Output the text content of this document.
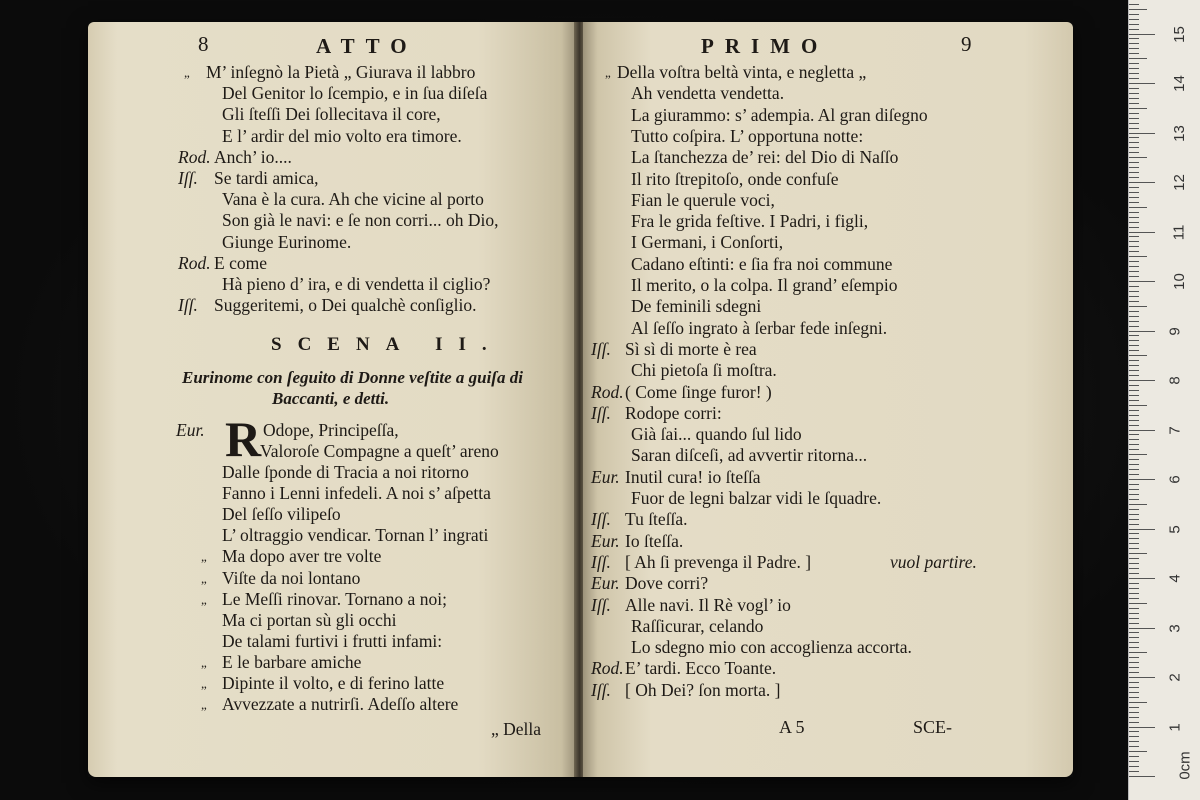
8	ATTO
„ M’ inſegnò la Pietà „ Giurava il labbro
Del Genitor lo ſcempio, e in ſua diſeſa
Gli ſteſſi Dei ſollecitava il core,
E l’ ardir del mio volto era timore.
Rod. Anch’ io....
Iſſ. Se tardi amica,
Vana è la cura. Ah che vicine al porto
Son già le navi: e ſe non corri... oh Dio,
Giunge Eurinome.
Rod. E come
Hà pieno d’ ira, e di vendetta il ciglio?
Iſſ. Suggeritemi, o Dei qualchè conſiglio.
SCENA II.
Eurinome con ſeguito di Donne veſtite a guiſa di
Baccanti, e detti.
Eur. R Odope, Principeſſa,
Valoroſe Compagne a queſt’ areno
Dalle ſponde di Tracia a noi ritorno
Fanno i Lenni infedeli. A noi s’ aſpetta
Del ſeſſo vilipeſo
L’ oltraggio vendicar. Tornan l’ ingrati
„ Ma dopo aver tre volte
„ Viſte da noi lontano
„ Le Meſſi rinovar. Tornano a noi;
Ma ci portan sù gli occhi
De talami furtivi i frutti infami:
„ E le barbare amiche
„ Dipinte il volto, e di ferino latte
„ Avvezzate a nutrirſi. Adeſſo altere
„ Della
PRIMO	9
„ Della voſtra beltà vinta, e negletta „
Ah vendetta vendetta.
La giurammo: s’ adempia. Al gran diſegno
Tutto coſpira. L’ opportuna notte:
La ſtanchezza de’ rei: del Dio di Naſſo
Il rito ſtrepitoſo, onde confuſe
Fian le querule voci,
Fra le grida feſtive. I Padri, i figli,
I Germani, i Conſorti,
Cadano eſtinti: e ſia fra noi commune
Il merito, o la colpa. Il grand’ eſempio
De feminili sdegni
Al ſeſſo ingrato à ſerbar fede inſegni.
Iſſ. Sì sì di morte è rea
Chi pietoſa ſi moſtra.
Rod. ( Come ſinge furor! )
Iſſ. Rodope corri:
Già ſai... quando ſul lido
Saran diſceſi, ad avvertir ritorna...
Eur. Inutil cura! io ſteſſa
Fuor de legni balzar vidi le ſquadre.
Iſſ. Tu ſteſſa.
Eur. Io ſteſſa.
Iſſ. [ Ah ſi prevenga il Padre. ]	vuol partire.
Eur. Dove corri?
Iſſ. Alle navi. Il Rè vogl’ io
Raſſicurar, celando
Lo sdegno mio con accoglienza accorta.
Rod. E’ tardi. Ecco Toante.
Iſſ. [ Oh Dei? ſon morta. ]
A 5	SCE-
0cm
1
2
3
4
5
6
7
8
9
10
11
12
13
14
15
